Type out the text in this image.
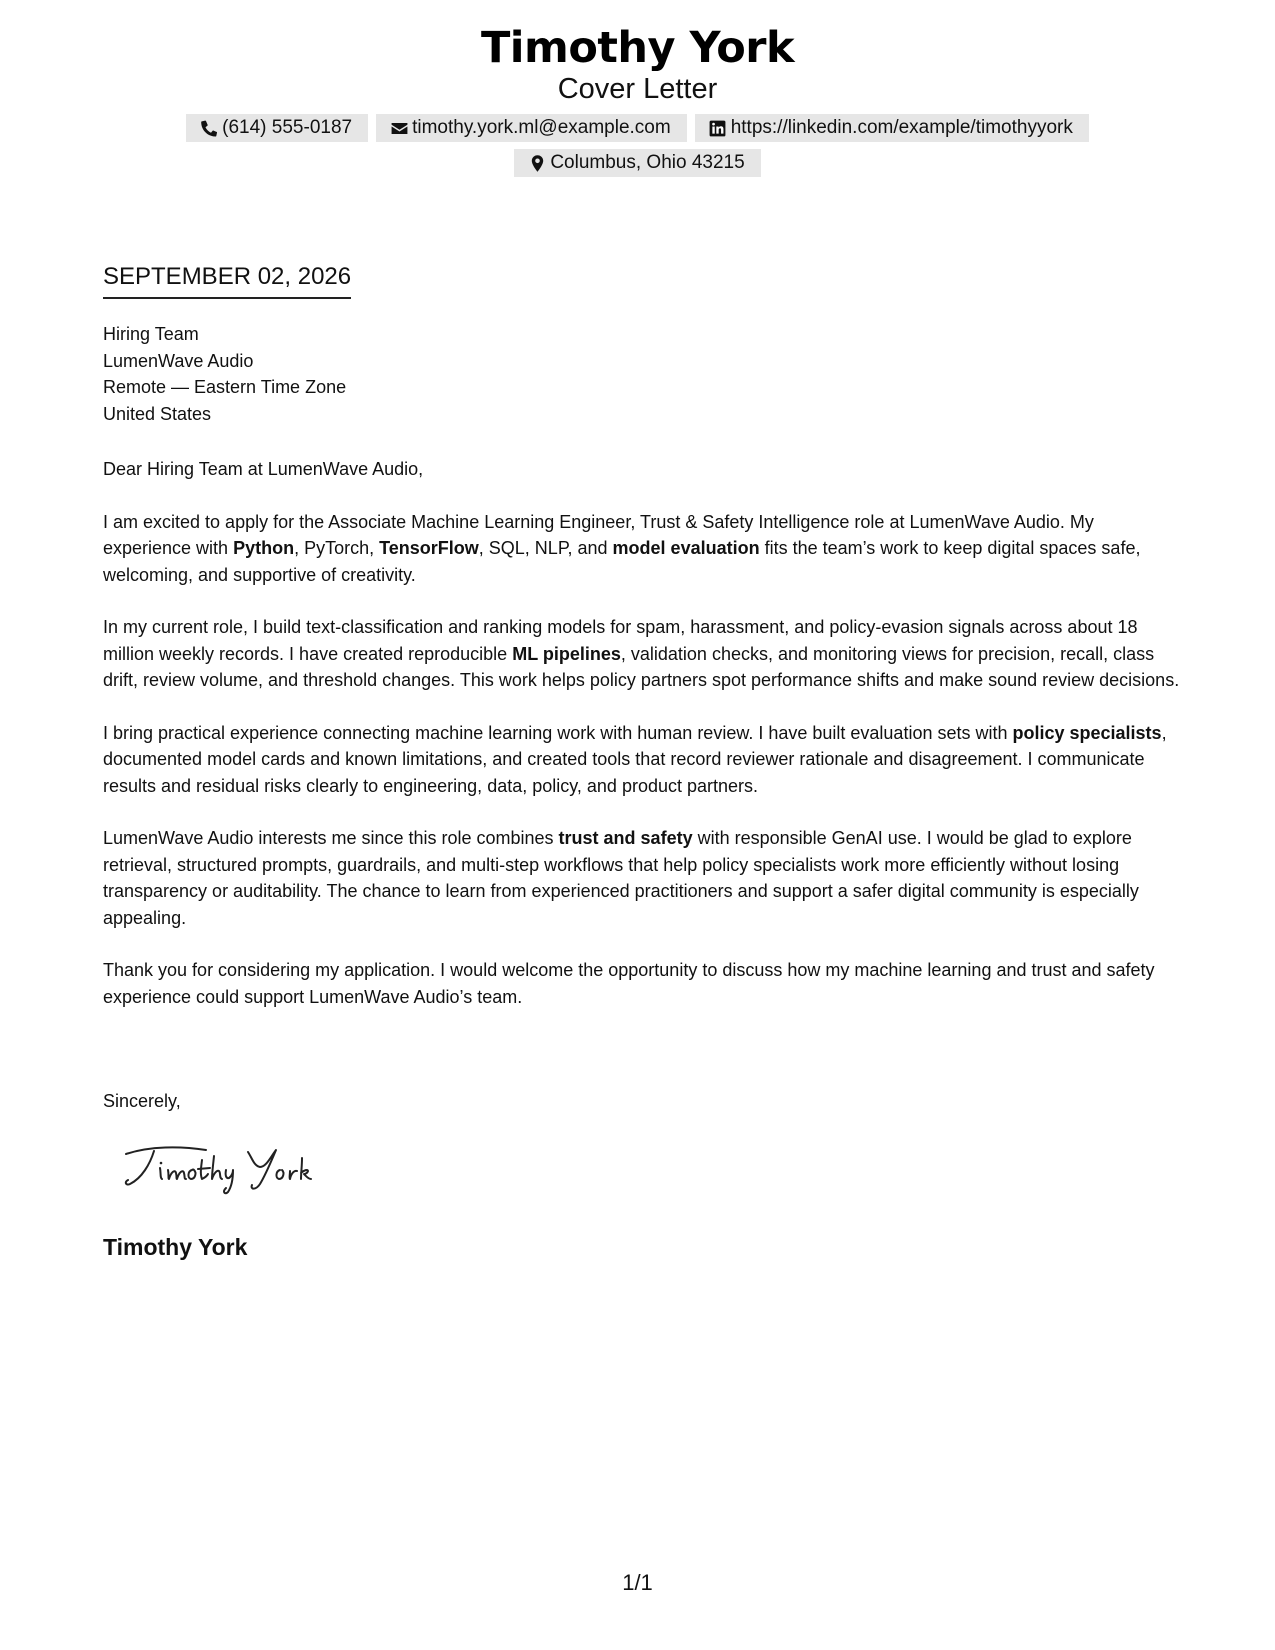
Timothy York
Cover Letter
(614) 555-0187	timothy.york.ml@example.com	https://linkedin.com/example/timothyyork
Columbus, Ohio 43215
SEPTEMBER 02, 2026
Hiring Team
LumenWave Audio
Remote — Eastern Time Zone
United States

Dear Hiring Team at LumenWave Audio,

I am excited to apply for the Associate Machine Learning Engineer, Trust & Safety Intelligence role at LumenWave Audio. My experience with Python, PyTorch, TensorFlow, SQL, NLP, and model evaluation fits the team’s work to keep digital spaces safe, welcoming, and supportive of creativity.

In my current role, I build text-classification and ranking models for spam, harassment, and policy-evasion signals across about 18 million weekly records. I have created reproducible ML pipelines, validation checks, and monitoring views for precision, recall, class drift, review volume, and threshold changes. This work helps policy partners spot performance shifts and make sound review decisions.

I bring practical experience connecting machine learning work with human review. I have built evaluation sets with policy specialists, documented model cards and known limitations, and created tools that record reviewer rationale and disagreement. I communicate results and residual risks clearly to engineering, data, policy, and product partners.

LumenWave Audio interests me since this role combines trust and safety with responsible GenAI use. I would be glad to explore retrieval, structured prompts, guardrails, and multi-step workflows that help policy specialists work more efficiently without losing transparency or auditability. The chance to learn from experienced practitioners and support a safer digital community is especially appealing.

Thank you for considering my application. I would welcome the opportunity to discuss how my machine learning and trust and safety experience could support LumenWave Audio’s team.

Sincerely,
Timothy York
1/1
